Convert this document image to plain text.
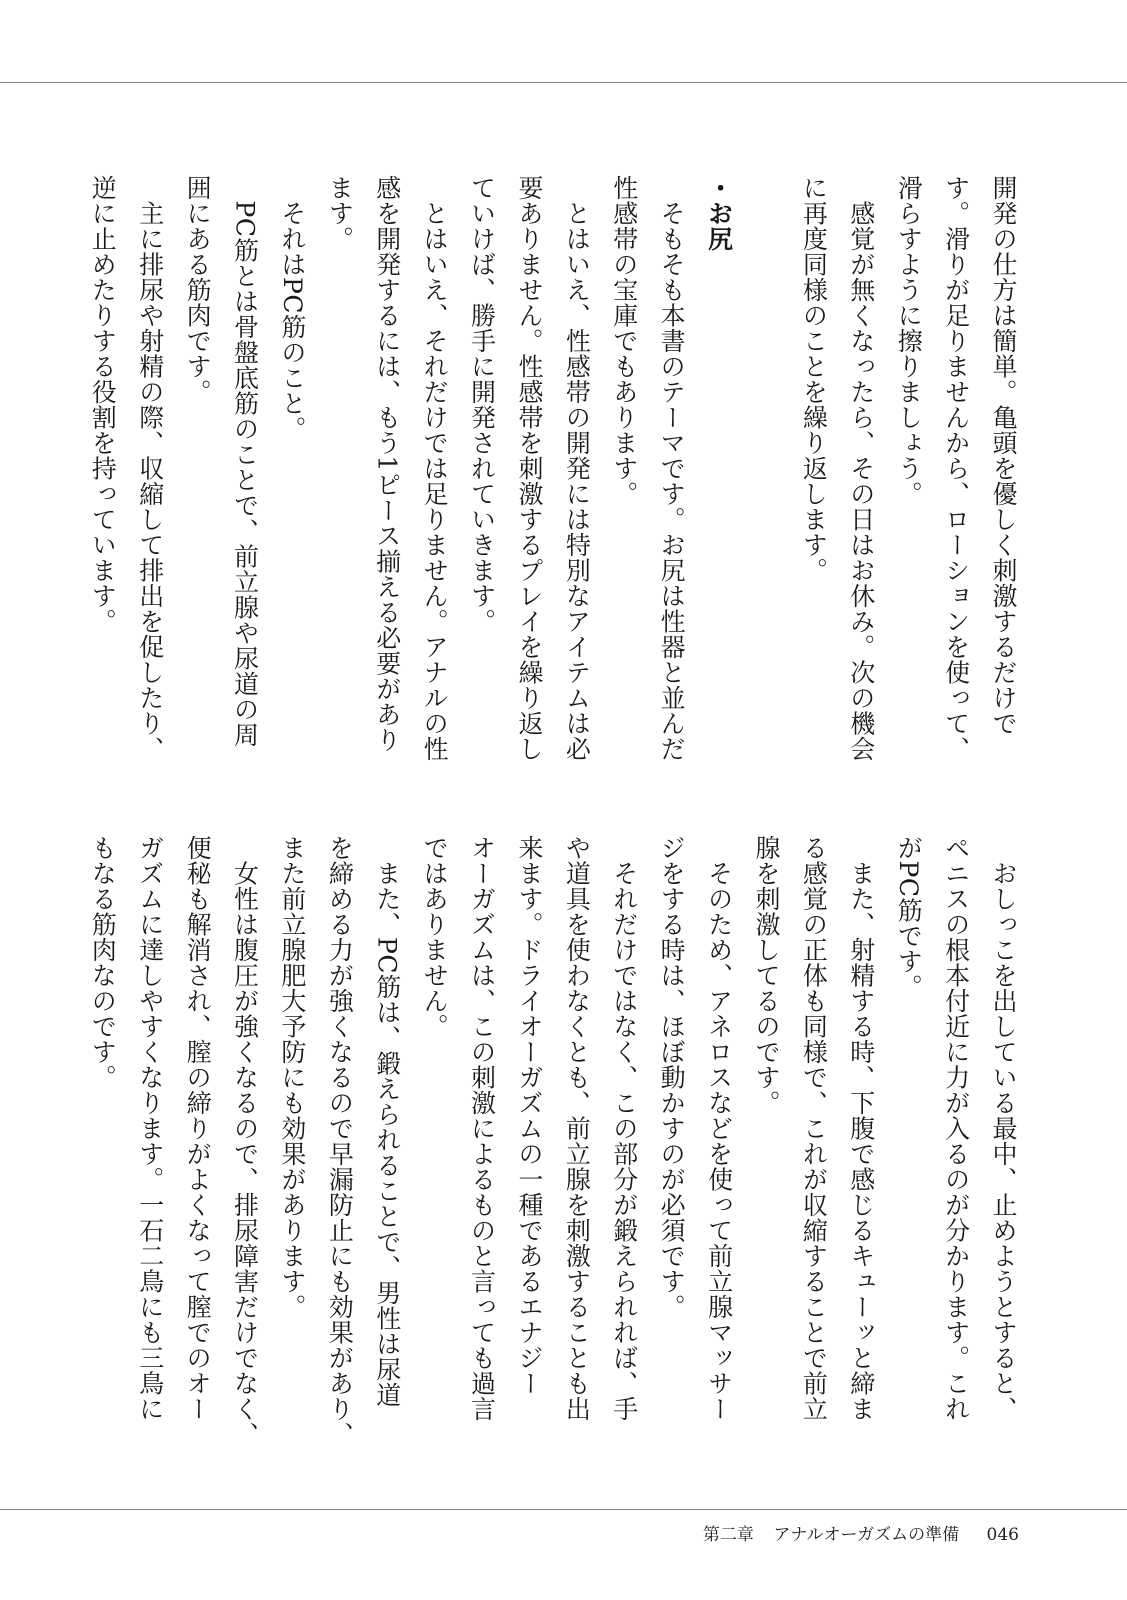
開発の仕方は簡単。亀頭を優しく刺激するだけで
す。滑りが足りませんから、ローションを使って、
滑らすように擦りましょう。
　感覚が無くなったら、その日はお休み。次の機会
に再度同様のことを繰り返します。
・お尻
　そもそも本書のテーマです。お尻は性器と並んだ
性感帯の宝庫でもあります。
　とはいえ、性感帯の開発には特別なアイテムは必
要ありません。性感帯を刺激するプレイを繰り返し
ていけば、勝手に開発されていきます。
　とはいえ、それだけでは足りません。アナルの性
感を開発するには、もう1ピース揃える必要があり
ます。
　それはPC筋のこと。
　PC筋とは骨盤底筋のことで、前立腺や尿道の周
囲にある筋肉です。
　主に排尿や射精の際、収縮して排出を促したり、
逆に止めたりする役割を持っています。
　おしっこを出している最中、止めようとすると、
ペニスの根本付近に力が入るのが分かります。これ
がPC筋です。
　また、射精する時、下腹で感じるキューッと締ま
る感覚の正体も同様で、これが収縮することで前立
腺を刺激してるのです。
　そのため、アネロスなどを使って前立腺マッサー
ジをする時は、ほぼ動かすのが必須です。
　それだけではなく、この部分が鍛えられれば、手
や道具を使わなくとも、前立腺を刺激することも出
来ます。ドライオーガズムの一種であるエナジー
オーガズムは、この刺激によるものと言っても過言
ではありません。
　また、PC筋は、鍛えられることで、男性は尿道
を締める力が強くなるので早漏防止にも効果があり、
また前立腺肥大予防にも効果があります。
　女性は腹圧が強くなるので、排尿障害だけでなく、
便秘も解消され、膣の締りがよくなって膣でのオー
ガズムに達しやすくなります。一石二鳥にも三鳥に
もなる筋肉なのです。
第二章 アナルオーガズムの準備 046
